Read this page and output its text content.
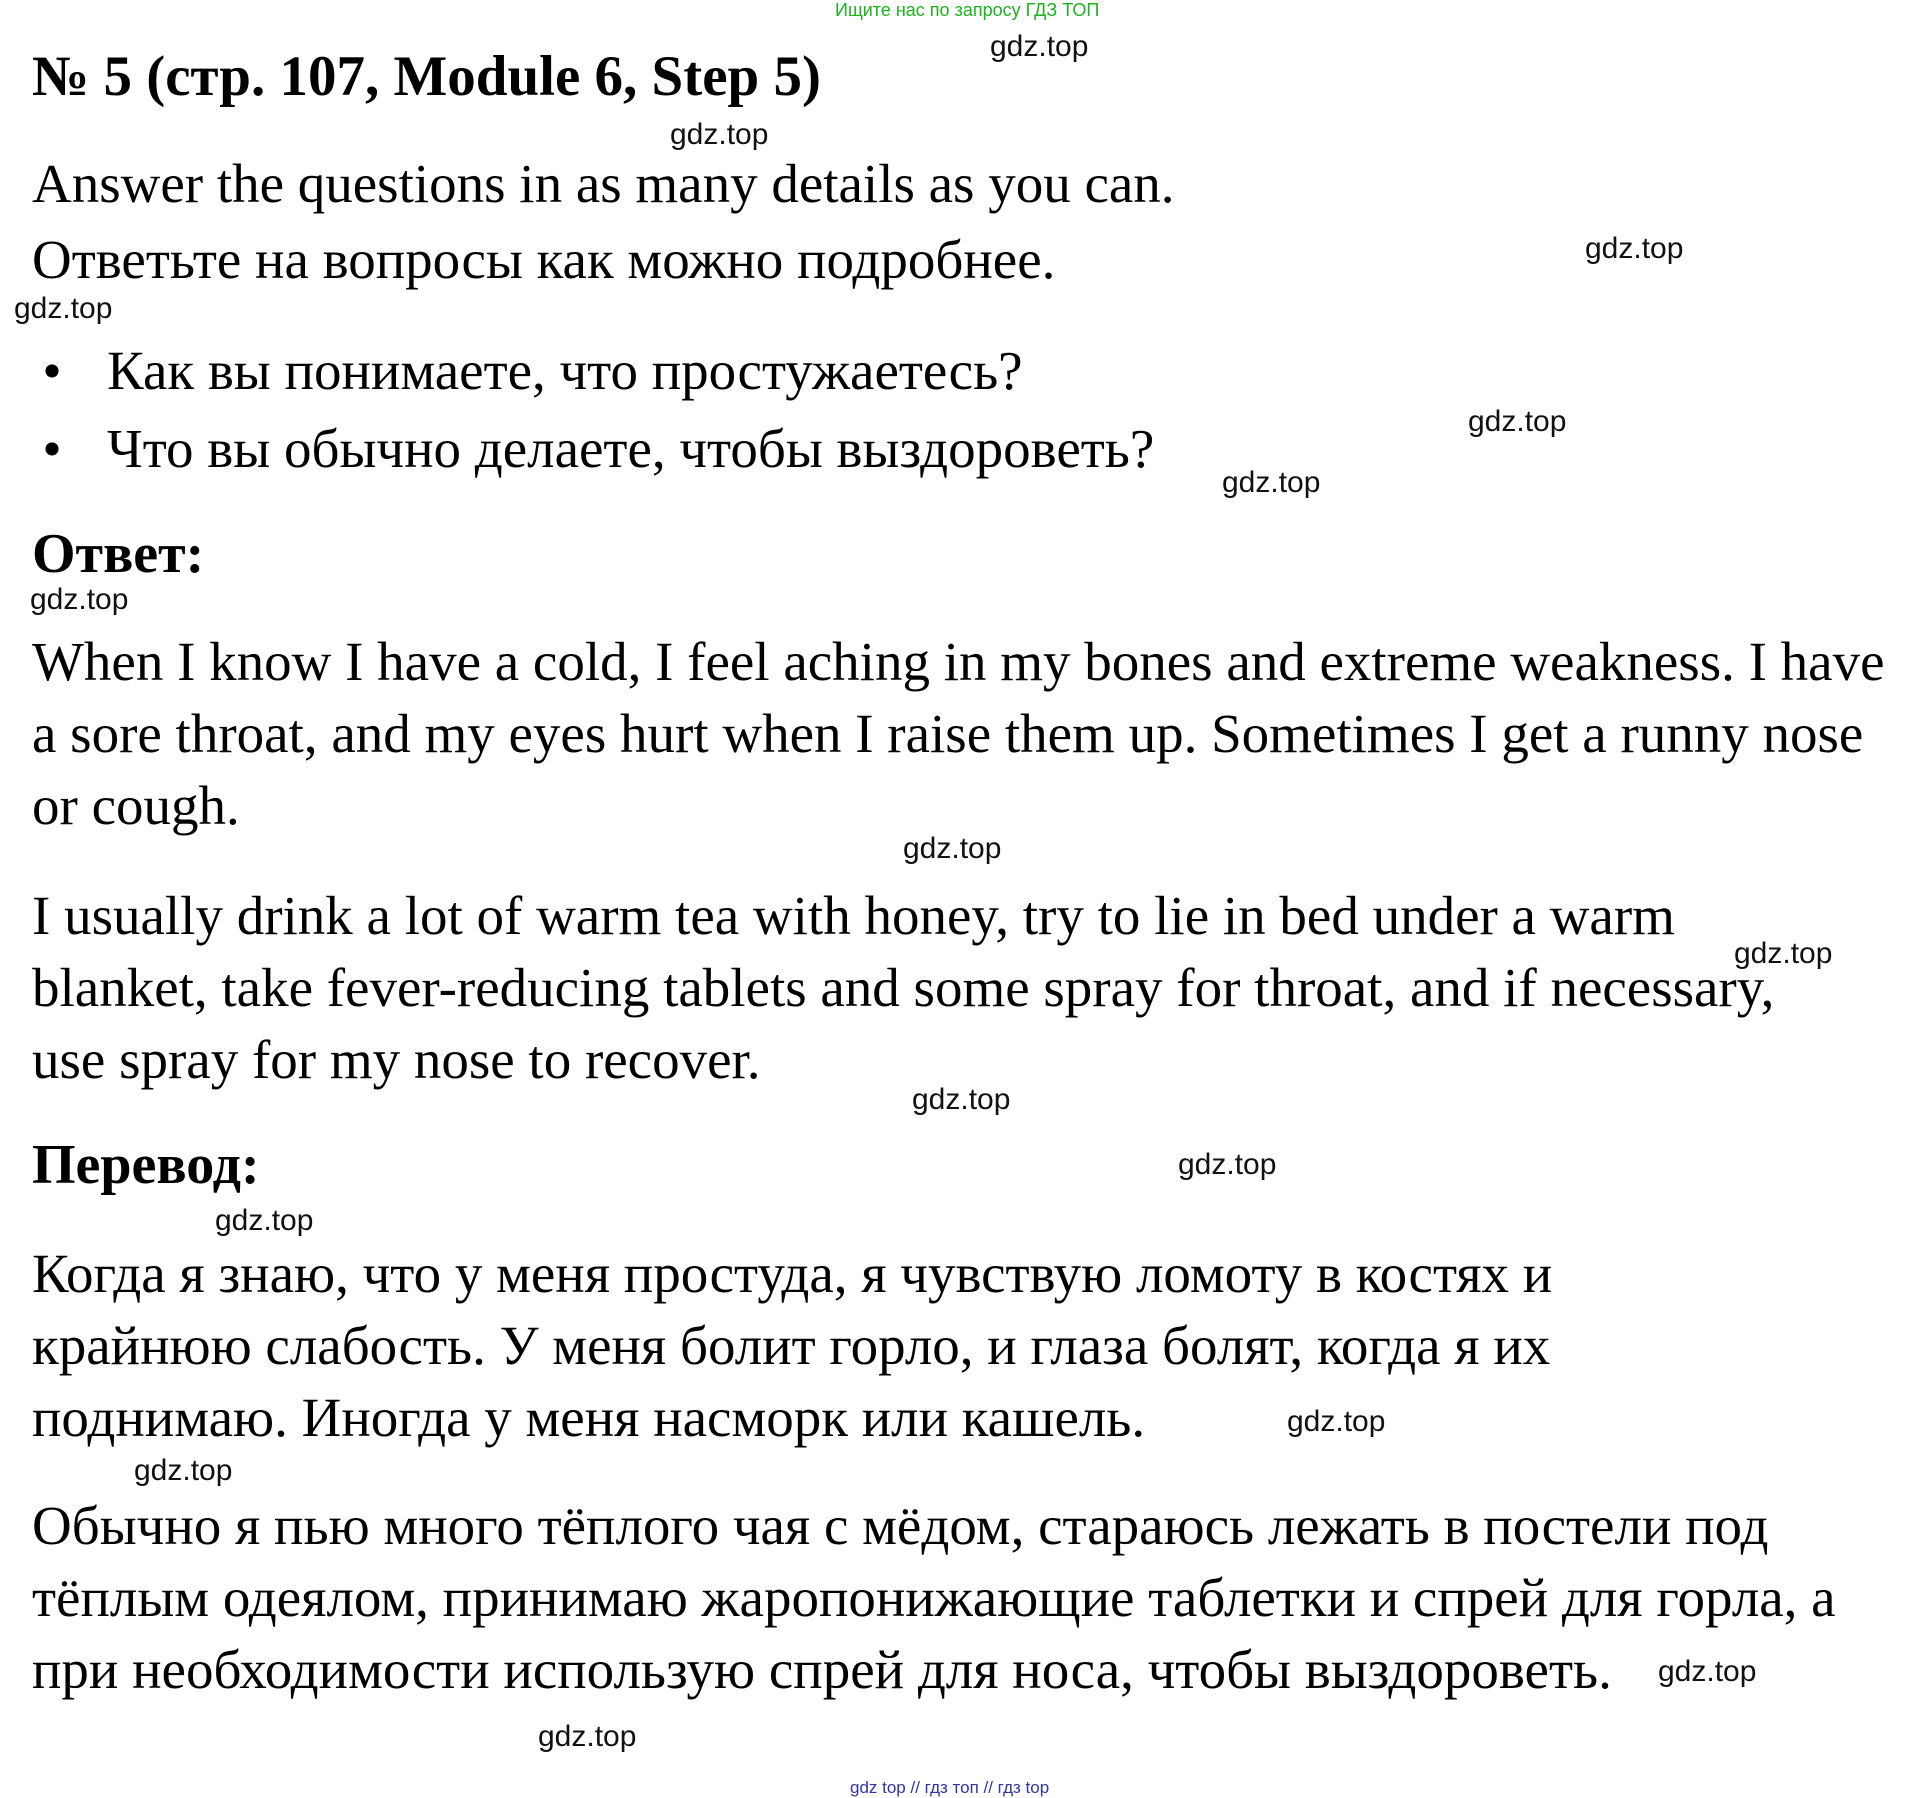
Ищите нас по запросу ГДЗ ТОП
№ 5 (стр. 107, Module 6, Step 5)
Answer the questions in as many details as you can.
Ответьте на вопросы как можно подробнее.
• Как вы понимаете, что простужаетесь?
• Что вы обычно делаете, чтобы выздороветь?
Ответ:
When I know I have a cold, I feel aching in my bones and extreme weakness. I have a sore throat, and my eyes hurt when I raise them up. Sometimes I get a runny nose or cough.
I usually drink a lot of warm tea with honey, try to lie in bed under a warm blanket, take fever-reducing tablets and some spray for throat, and if necessary, use spray for my nose to recover.
Перевод:
Когда я знаю, что у меня простуда, я чувствую ломоту в костях и крайнюю слабость. У меня болит горло, и глаза болят, когда я их поднимаю. Иногда у меня насморк или кашель.
Обычно я пью много тёплого чая с мёдом, стараюсь лежать в постели под тёплым одеялом, принимаю жаропонижающие таблетки и спрей для горла, а при необходимости использую спрей для носа, чтобы выздороветь.
gdz.top
gdz.top
gdz.top
gdz.top
gdz.top
gdz.top
gdz.top
gdz.top
gdz.top
gdz.top
gdz.top
gdz.top
gdz.top
gdz.top
gdz.top
gdz.top
gdz top // гдз топ // гдз top
